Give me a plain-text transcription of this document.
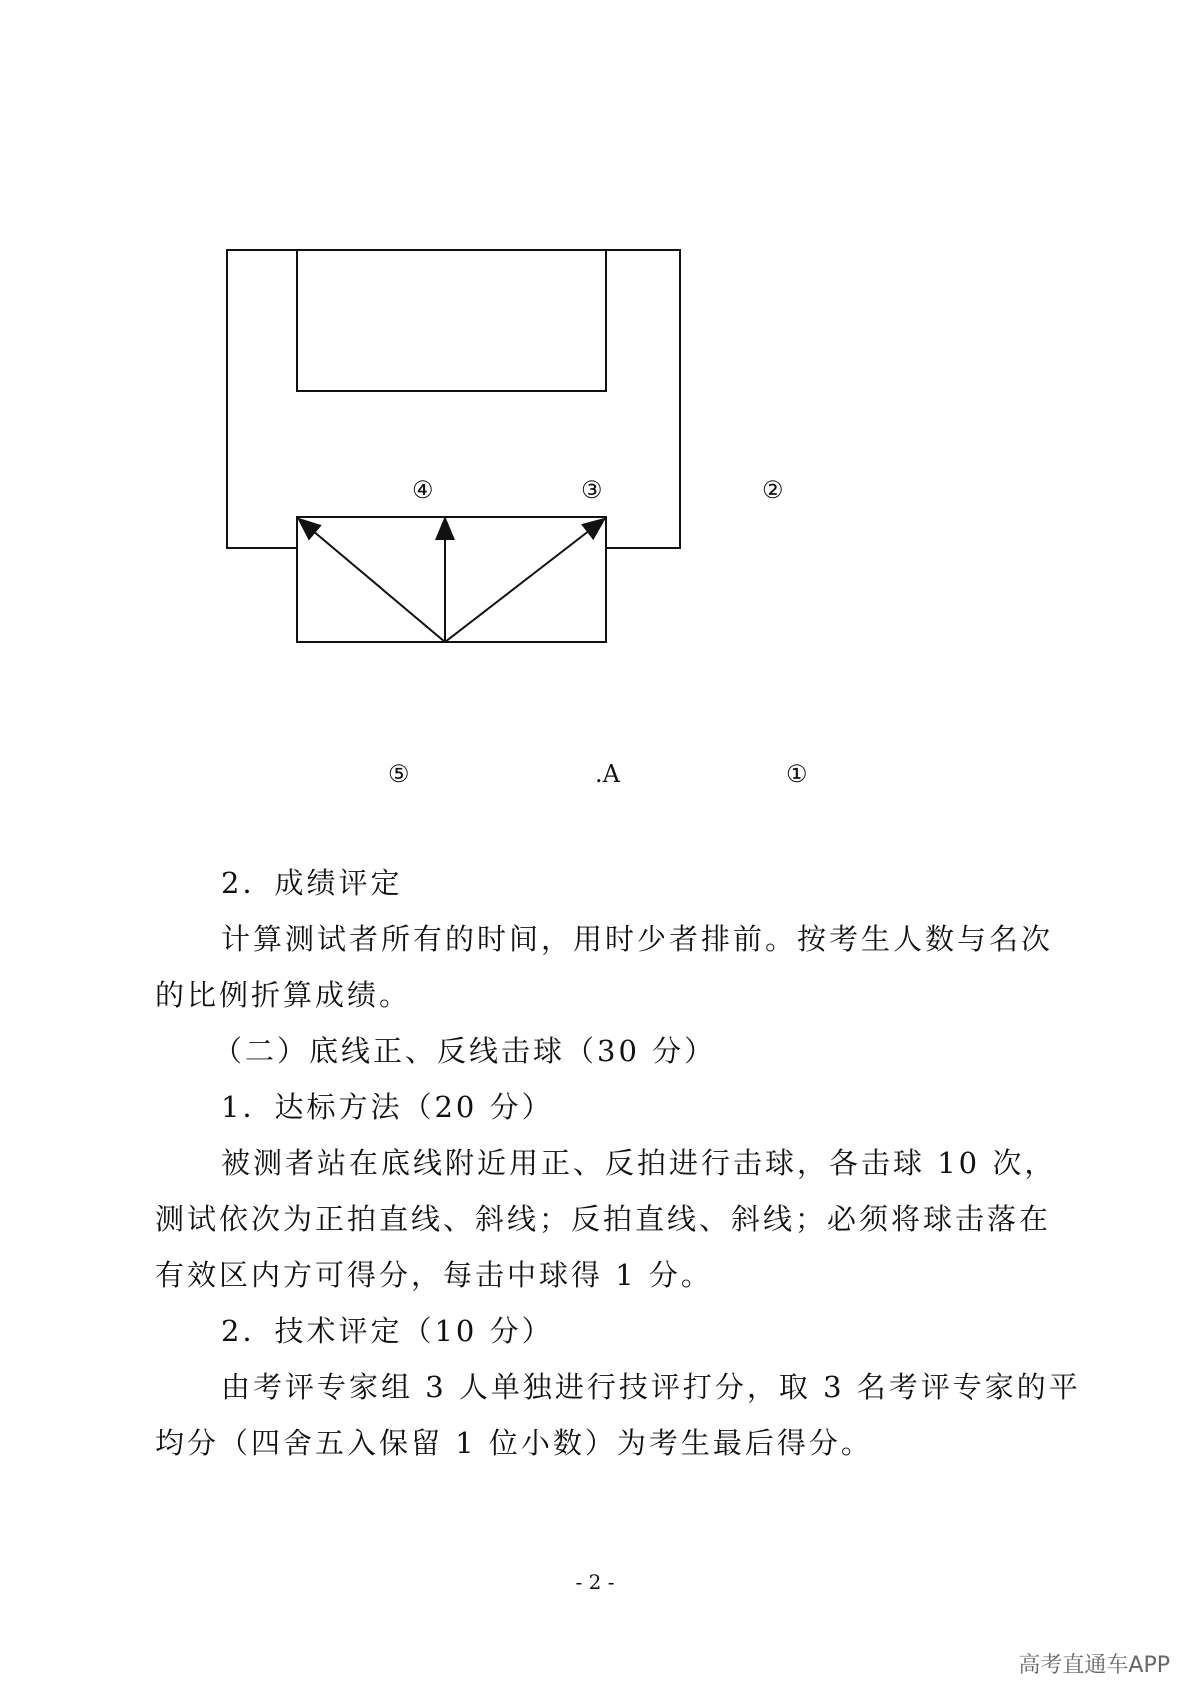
④	③	②
⑤	.A	①

2．成绩评定

计算测试者所有的时间，用时少者排前。按考生人数与名次

的比例折算成绩。

（二）底线正、反线击球（30 分）

1．达标方法（20 分）

被测者站在底线附近用正、反拍进行击球，各击球 10 次，

测试依次为正拍直线、斜线；反拍直线、斜线；必须将球击落在

有效区内方可得分，每击中球得 1 分。

2．技术评定（10 分）

由考评专家组 3 人单独进行技评打分，取 3 名考评专家的平

均分（四舍五入保留 1 位小数）为考生最后得分。

- 2 -
高考直通车APP
